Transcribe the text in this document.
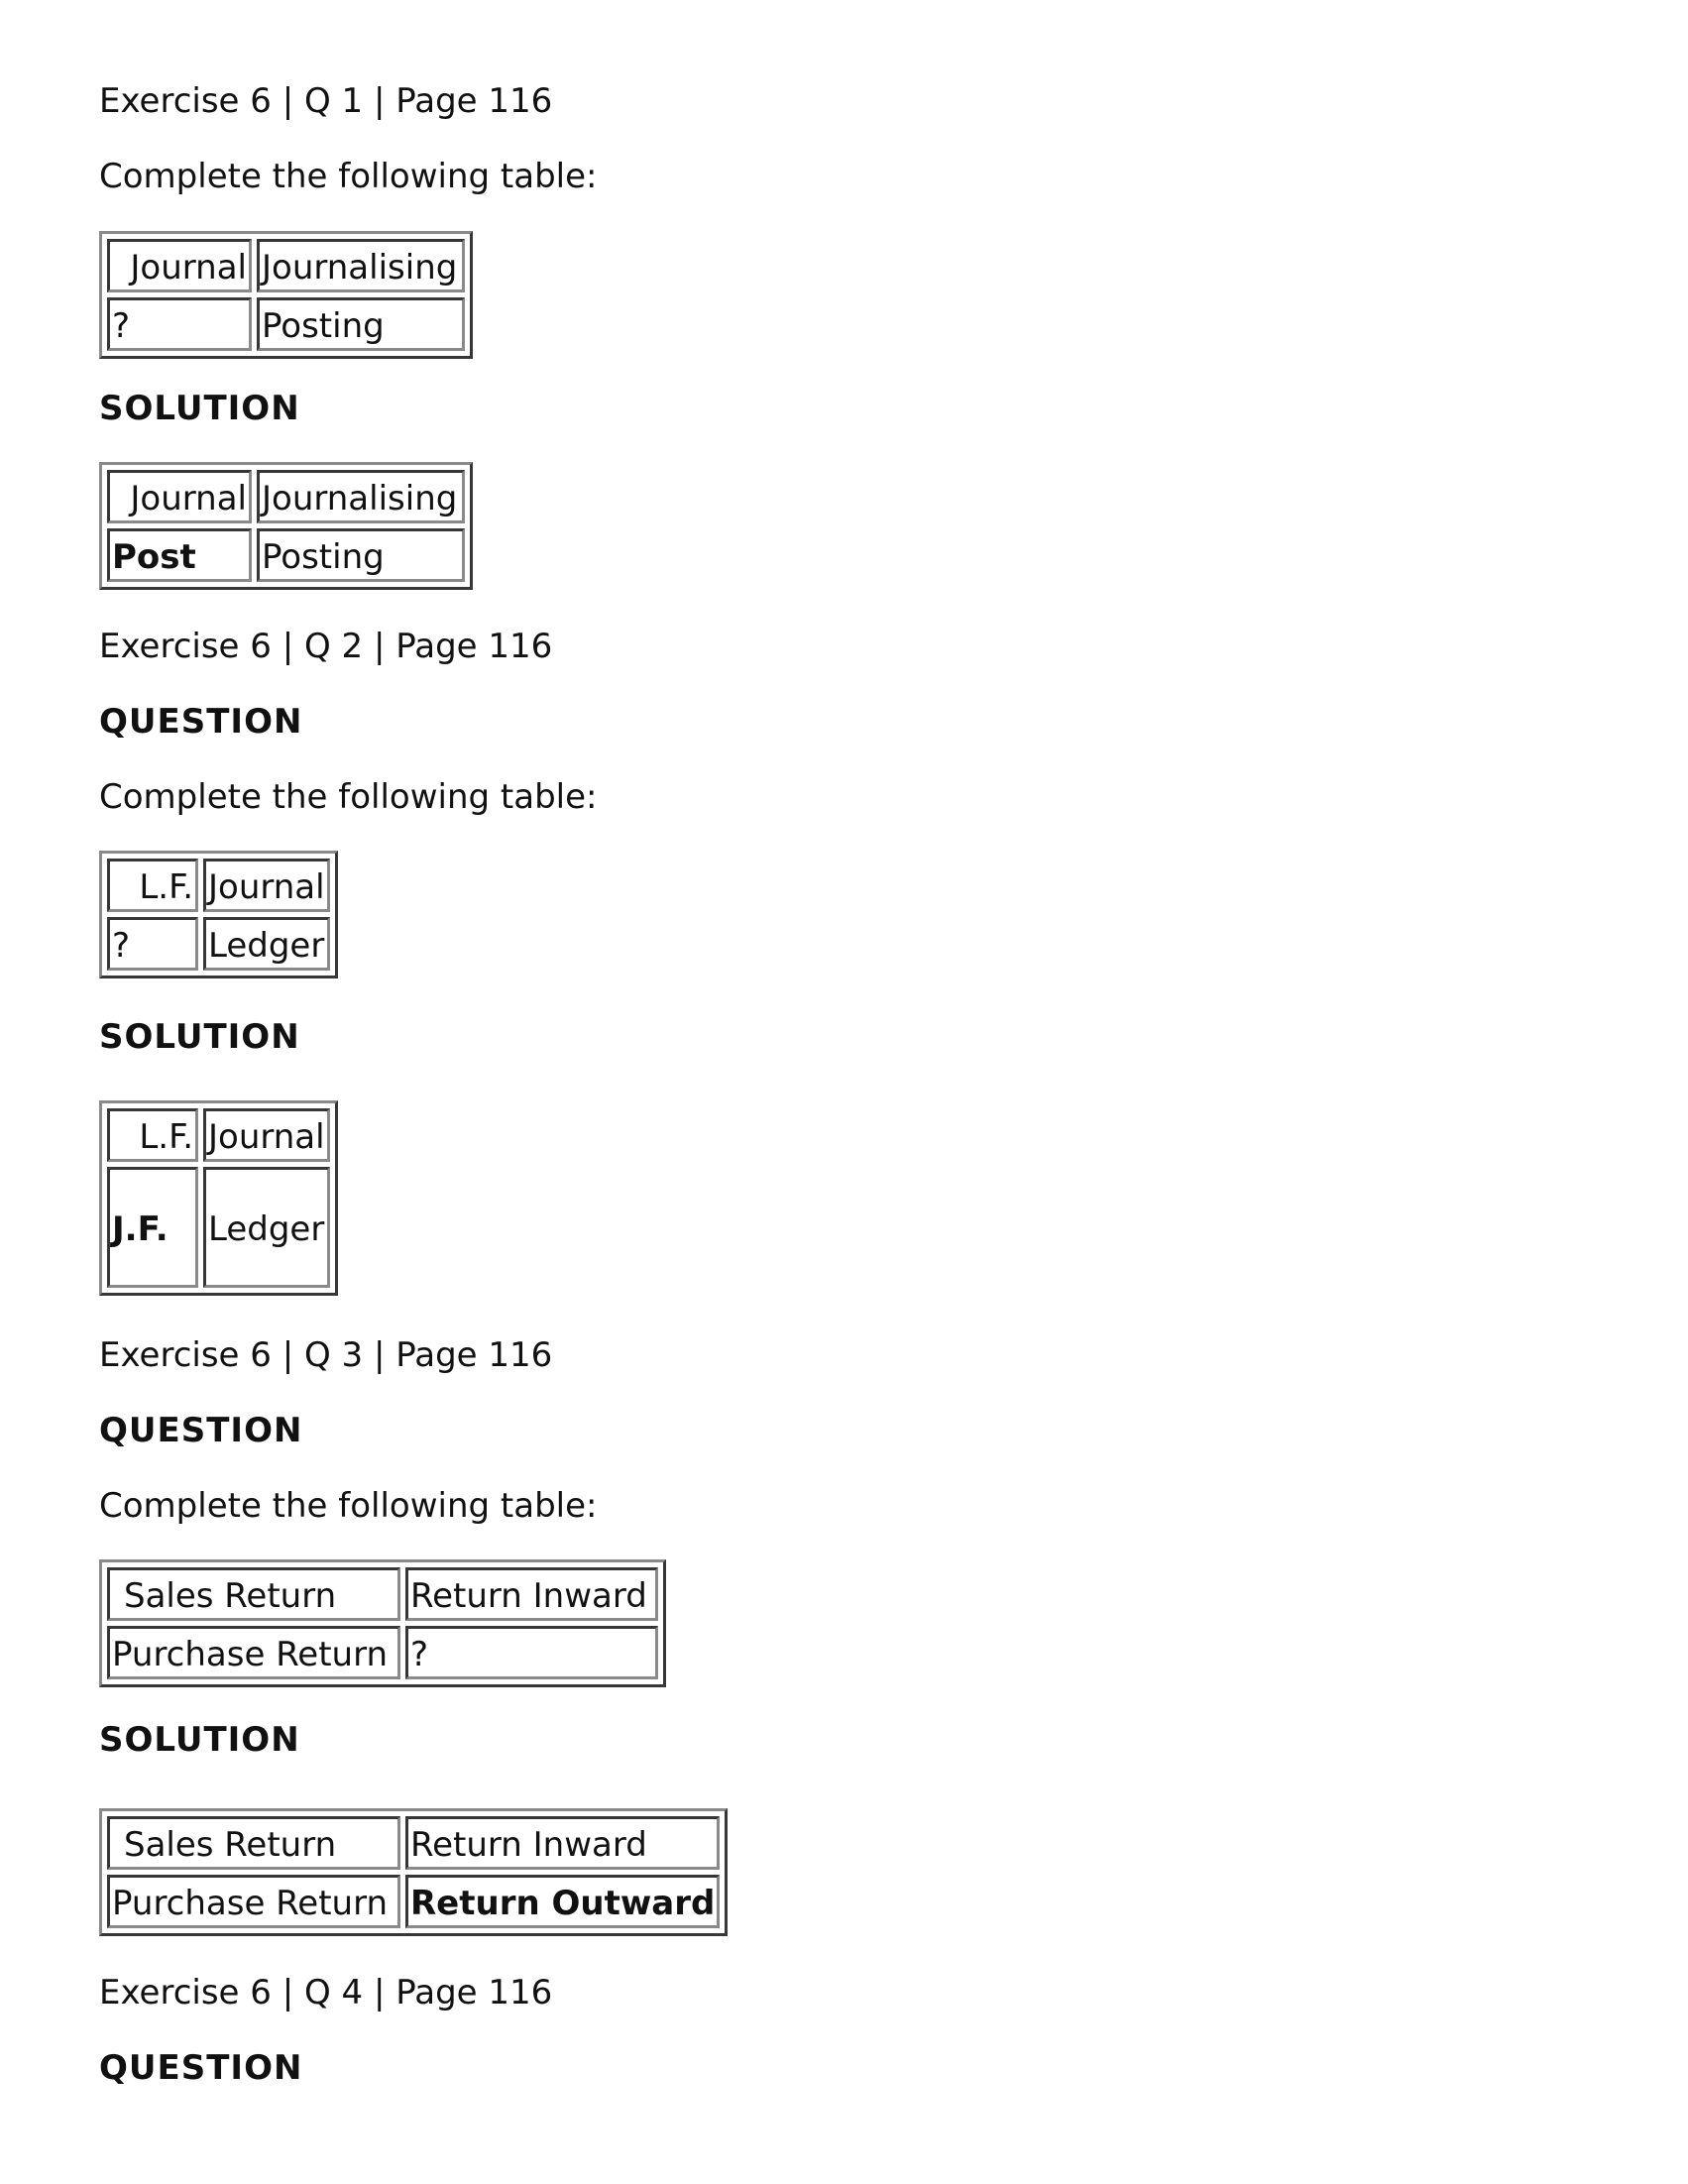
Exercise 6 | Q 1 | Page 116

Complete the following table:

Journal	Journalising
?	Posting

SOLUTION

Journal	Journalising
Post	Posting

Exercise 6 | Q 2 | Page 116

QUESTION

Complete the following table:

L.F.	Journal
?	Ledger

SOLUTION

L.F.	Journal
J.F.	Ledger

Exercise 6 | Q 3 | Page 116

QUESTION

Complete the following table:

Sales Return	Return Inward
Purchase Return	?

SOLUTION

Sales Return	Return Inward
Purchase Return	Return Outward

Exercise 6 | Q 4 | Page 116

QUESTION
